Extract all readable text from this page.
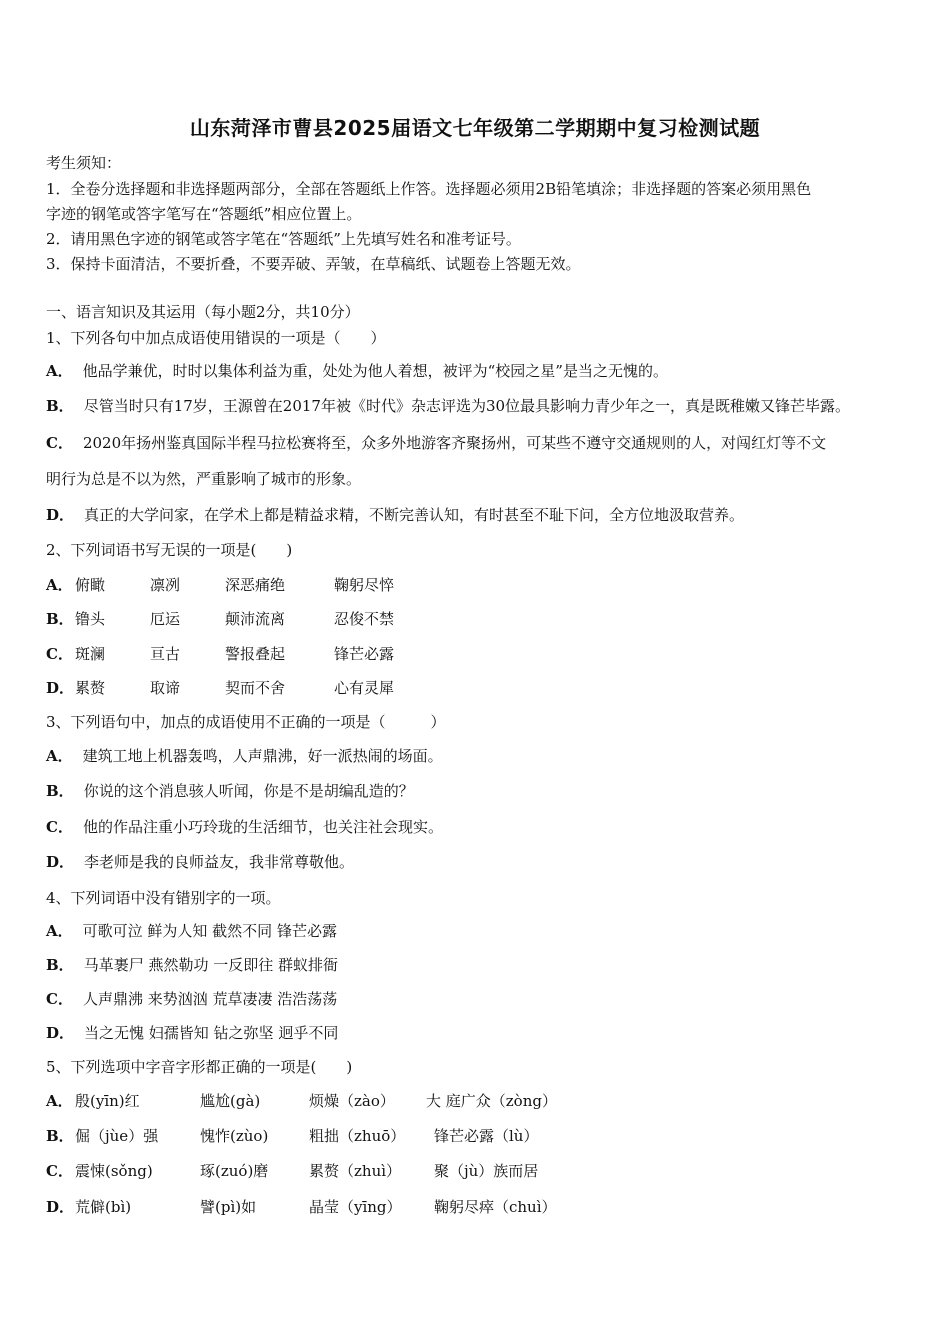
山东菏泽市曹县2025届语文七年级第二学期期中复习检测试题
考生须知：
1．全卷分选择题和非选择题两部分，全部在答题纸上作答。选择题必须用2B铅笔填涂；非选择题的答案必须用黑色
字迹的钢笔或答字笔写在“答题纸”相应位置上。
2．请用黑色字迹的钢笔或答字笔在“答题纸”上先填写姓名和准考证号。
3．保持卡面清洁，不要折叠，不要弄破、弄皱，在草稿纸、试题卷上答题无效。
一、语言知识及其运用（每小题2分，共10分）
1、下列各句中加点成语使用错误的一项是（　　）
A． 他品学兼优，时时以集体利益为重，处处为他人着想，被评为“校园之星”是当之无愧的。
B． 尽管当时只有17岁，王源曾在2017年被《时代》杂志评选为30位最具影响力青少年之一，真是既稚嫩又锋芒毕露。
C． 2020年扬州鉴真国际半程马拉松赛将至，众多外地游客齐聚扬州，可某些不遵守交通规则的人，对闯红灯等不文
明行为总是不以为然，严重影响了城市的形象。
D． 真正的大学问家，在学术上都是精益求精，不断完善认知，有时甚至不耻下问，全方位地汲取营养。
2、下列词语书写无误的一项是(　　)
A． 俯瞰	凛冽	深恶痛绝	鞠躬尽悴
B． 镥头	厄运	颠沛流离	忍俊不禁
C． 斑澜	亘古	警报叠起	锋芒必露
D． 累赘	取谛	契而不舍	心有灵犀
3、下列语句中，加点的成语使用不正确的一项是（　　　）
A． 建筑工地上机器轰鸣，人声鼎沸，好一派热闹的场面。
B． 你说的这个消息骇人听闻，你是不是胡编乱造的？
C． 他的作品注重小巧玲珑的生活细节，也关注社会现实。
D． 李老师是我的良师益友，我非常尊敬他。
4、下列词语中没有错别字的一项。
A． 可歌可泣 鲜为人知 截然不同 锋芒必露
B． 马革裹尸 燕然勒功 一反即往 群蚁排衙
C． 人声鼎沸 来势汹汹 荒草凄凄 浩浩荡荡
D． 当之无愧 妇孺皆知 钻之弥坚 迥乎不同
5、下列选项中字音字形都正确的一项是(　　)
A． 殷(yīn)红	尴尬(gà)	烦燥（zào） 大 庭广众（zòng）
B． 倔（jùe）强	愧怍(zùo)	粗拙（zhuō） 锋芒必露（lù）
C． 震悚(sǒng)	琢(zuó)磨	累赘（zhuì） 聚（jù）族而居
D． 荒僻(bì)	譬(pì)如	晶莹（yīng） 鞠躬尽瘁（chuì）
